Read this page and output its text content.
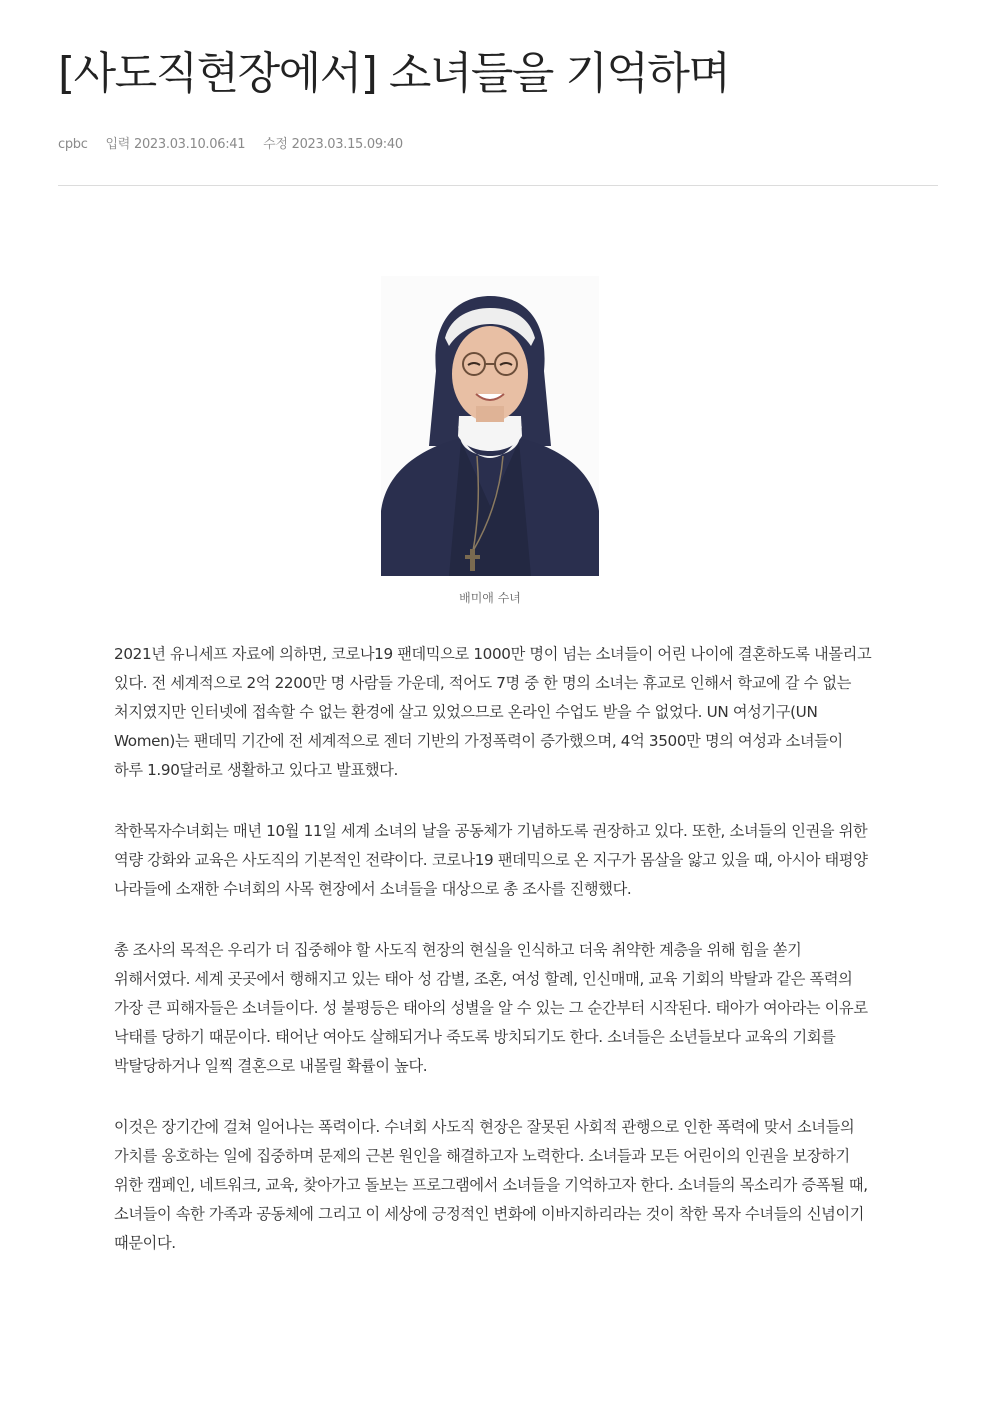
[사도직현장에서] 소녀들을 기억하며
cpbc 입력 2023.03.10.06:41 수정 2023.03.15.09:40
배미애 수녀

2021년 유니세프 자료에 의하면, 코로나19 팬데믹으로 1000만 명이 넘는 소녀들이 어린 나이에 결혼하도록 내몰리고 있다. 전 세계적으로 2억 2200만 명 사람들 가운데, 적어도 7명 중 한 명의 소녀는 휴교로 인해서 학교에 갈 수 없는 처지였지만 인터넷에 접속할 수 없는 환경에 살고 있었으므로 온라인 수업도 받을 수 없었다. UN 여성기구(UN Women)는 팬데믹 기간에 전 세계적으로 젠더 기반의 가정폭력이 증가했으며, 4억 3500만 명의 여성과 소녀들이 하루 1.90달러로 생활하고 있다고 발표했다.

착한목자수녀회는 매년 10월 11일 세계 소녀의 날을 공동체가 기념하도록 권장하고 있다. 또한, 소녀들의 인권을 위한 역량 강화와 교육은 사도직의 기본적인 전략이다. 코로나19 팬데믹으로 온 지구가 몸살을 앓고 있을 때, 아시아 태평양 나라들에 소재한 수녀회의 사목 현장에서 소녀들을 대상으로 총 조사를 진행했다.

총 조사의 목적은 우리가 더 집중해야 할 사도직 현장의 현실을 인식하고 더욱 취약한 계층을 위해 힘을 쏟기 위해서였다. 세계 곳곳에서 행해지고 있는 태아 성 감별, 조혼, 여성 할례, 인신매매, 교육 기회의 박탈과 같은 폭력의 가장 큰 피해자들은 소녀들이다. 성 불평등은 태아의 성별을 알 수 있는 그 순간부터 시작된다. 태아가 여아라는 이유로 낙태를 당하기 때문이다. 태어난 여아도 살해되거나 죽도록 방치되기도 한다. 소녀들은 소년들보다 교육의 기회를 박탈당하거나 일찍 결혼으로 내몰릴 확률이 높다.

이것은 장기간에 걸쳐 일어나는 폭력이다. 수녀회 사도직 현장은 잘못된 사회적 관행으로 인한 폭력에 맞서 소녀들의 가치를 옹호하는 일에 집중하며 문제의 근본 원인을 해결하고자 노력한다. 소녀들과 모든 어린이의 인권을 보장하기 위한 캠페인, 네트워크, 교육, 찾아가고 돌보는 프로그램에서 소녀들을 기억하고자 한다. 소녀들의 목소리가 증폭될 때, 소녀들이 속한 가족과 공동체에 그리고 이 세상에 긍정적인 변화에 이바지하리라는 것이 착한 목자 수녀들의 신념이기 때문이다.
